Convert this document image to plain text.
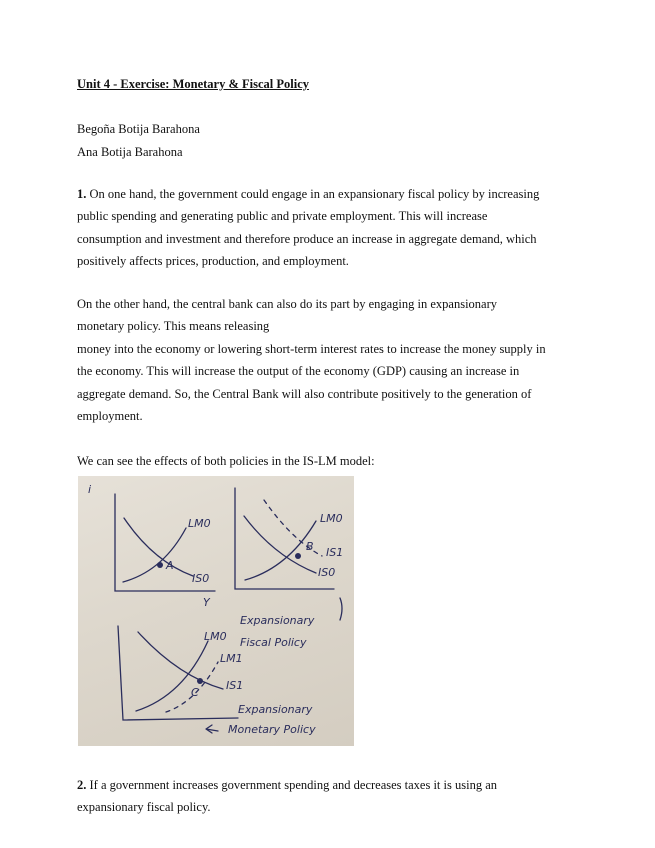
Unit 4 - Exercise: Monetary & Fiscal Policy

Begoña Botija Barahona

Ana Botija Barahona

1. On one hand, the government could engage in an expansionary fiscal policy by increasing
public spending and generating public and private employment. This will increase
consumption and investment and therefore produce an increase in aggregate demand, which
positively affects prices, production, and employment.

On the other hand, the central bank can also do its part by engaging in expansionary
monetary policy. This means releasing
money into the economy or lowering short-term interest rates to increase the money supply in
the economy. This will increase the output of the economy (GDP) causing an increase in
aggregate demand. So, the Central Bank will also contribute positively to the generation of
employment.

We can see the effects of both policies in the IS-LM model:

i
Y
LM0
IS0
A
LM0
IS1
IS0
B
Expansionary
Fiscal Policy
LM0
LM1
IS1
C
Expansionary
Monetary Policy

2. If a government increases government spending and decreases taxes it is using an
expansionary fiscal policy.
